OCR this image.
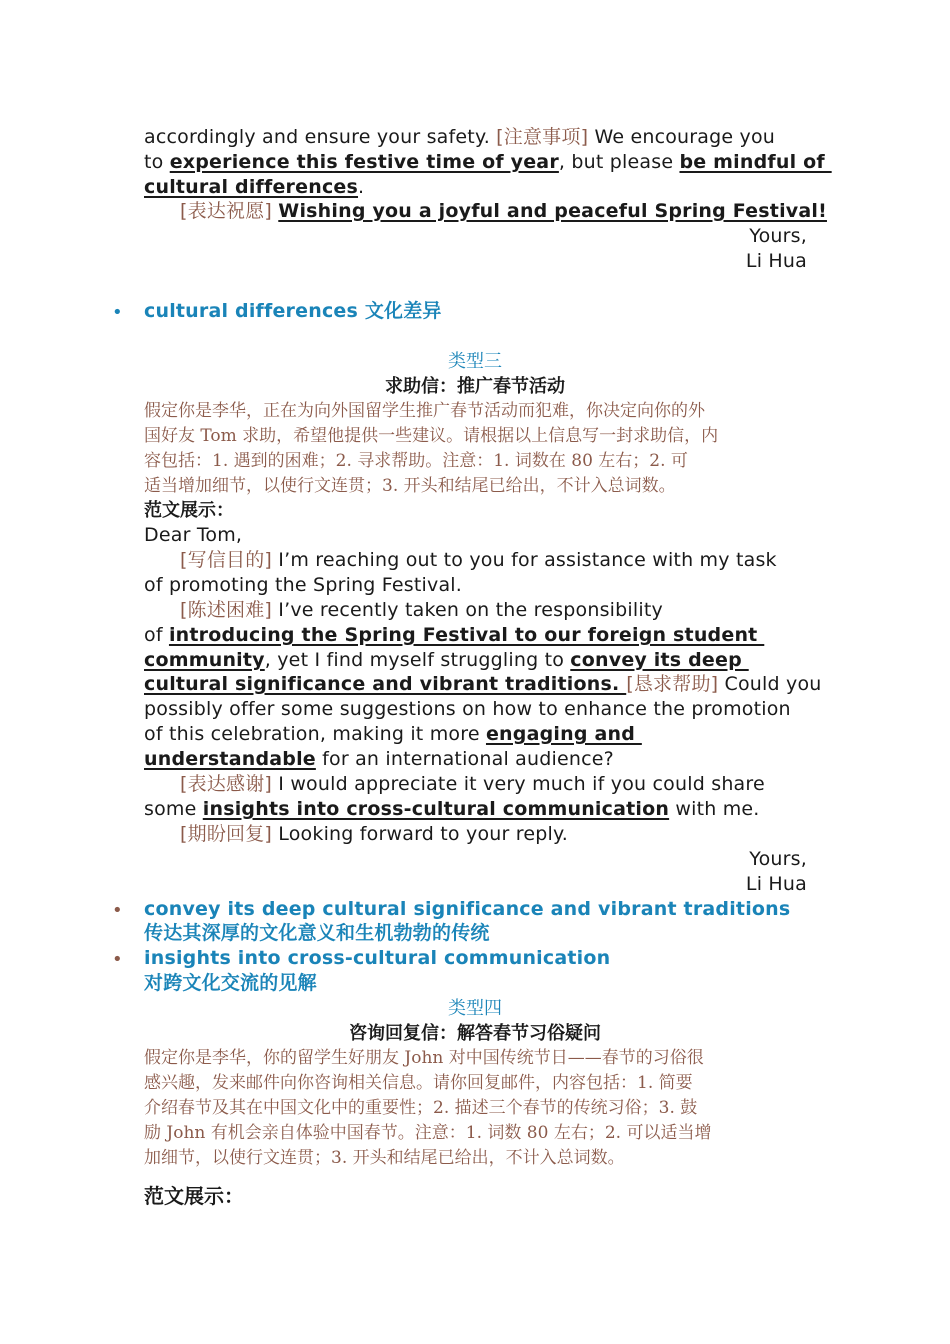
accordingly and ensure your safety. [注意事项] We encourage you
to experience this festive time of year, but please be mindful of
cultural differences.
[表达祝愿] Wishing you a joyful and peaceful Spring Festival!
Yours,
Li Hua
• cultural differences 文化差异
类型三
求助信：推广春节活动
假定你是李华，正在为向外国留学生推广春节活动而犯难，你决定向你的外
国好友 Tom 求助，希望他提供一些建议。请根据以上信息写一封求助信，内
容包括：1. 遇到的困难；2. 寻求帮助。注意：1. 词数在 80 左右；2. 可
适当增加细节，以使行文连贯；3. 开头和结尾已给出，不计入总词数。
范文展示：
Dear Tom,
[写信目的] I’m reaching out to you for assistance with my task
of promoting the Spring Festival.
[陈述困难] I’ve recently taken on the responsibility
of introducing the Spring Festival to our foreign student
community, yet I find myself struggling to convey its deep
cultural significance and vibrant traditions. [恳求帮助] Could you
possibly offer some suggestions on how to enhance the promotion
of this celebration, making it more engaging and
understandable for an international audience?
[表达感谢] I would appreciate it very much if you could share
some insights into cross-cultural communication with me.
[期盼回复] Looking forward to your reply.
Yours,
Li Hua
• convey its deep cultural significance and vibrant traditions
传达其深厚的文化意义和生机勃勃的传统
• insights into cross-cultural communication
对跨文化交流的见解
类型四
咨询回复信：解答春节习俗疑问
假定你是李华，你的留学生好朋友 John 对中国传统节日——春节的习俗很
感兴趣，发来邮件向你咨询相关信息。请你回复邮件，内容包括：1. 简要
介绍春节及其在中国文化中的重要性；2. 描述三个春节的传统习俗；3. 鼓
励 John 有机会亲自体验中国春节。注意：1. 词数 80 左右；2. 可以适当增
加细节，以使行文连贯；3. 开头和结尾已给出，不计入总词数。
范文展示：
